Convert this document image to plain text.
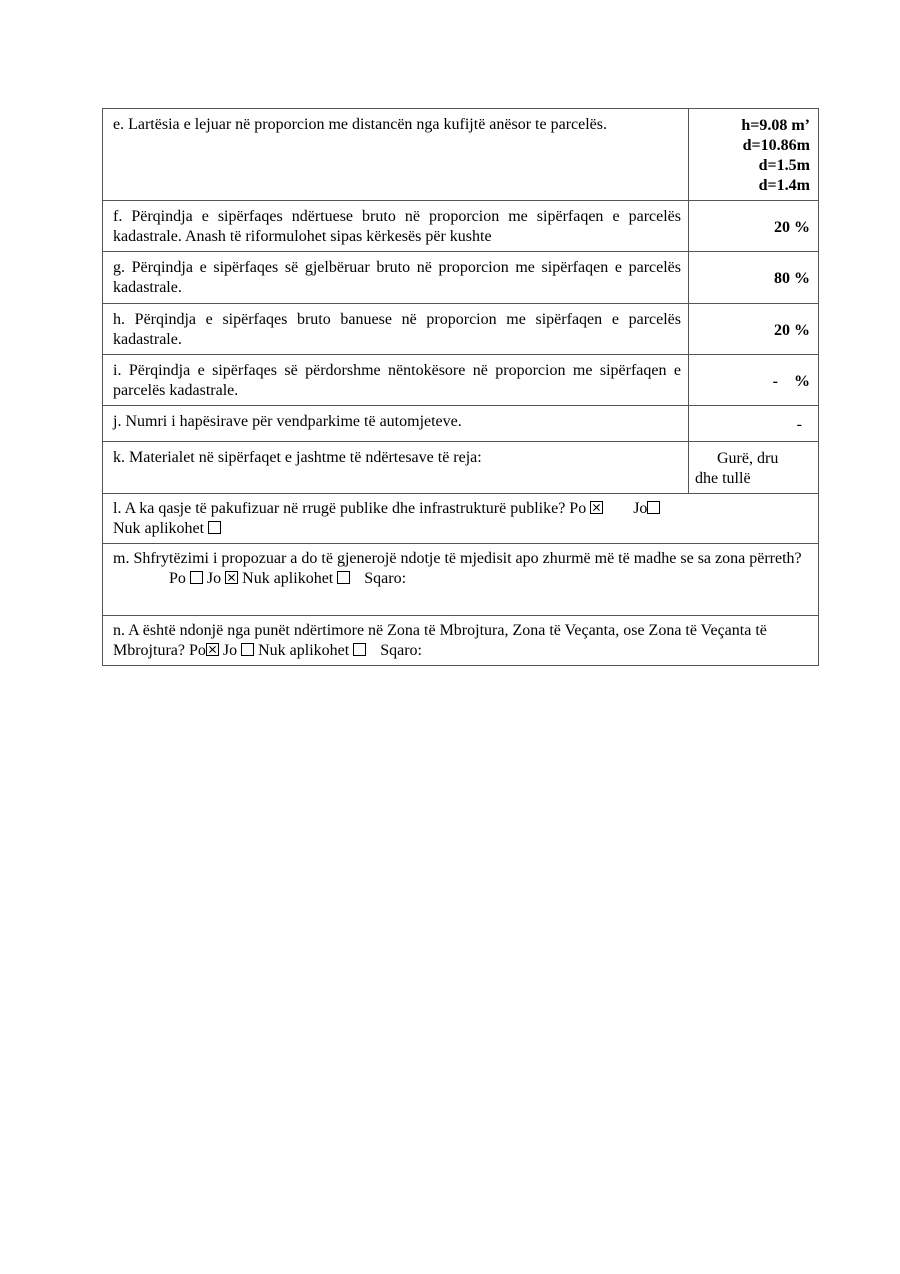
e. Lartësia e lejuar në proporcion me distancën nga kufijtë anësor te parcelës.	h=9.08 m’
d=10.86m
d=1.5m
d=1.4m

f. Përqindja e sipërfaqes ndërtuese bruto në proporcion me sipërfaqen e parcelës kadastrale. Anash të riformulohet sipas kërkesës për kushte	20 %
g. Përqindja e sipërfaqes së gjelbëruar bruto në proporcion me sipërfaqen e parcelës kadastrale.	80 %
h. Përqindja e sipërfaqes bruto banuese në proporcion me sipërfaqen e parcelës kadastrale.	20 %
i. Përqindja e sipërfaqes së përdorshme nëntokësore në proporcion me sipërfaqen e parcelës kadastrale.	-    %
j. Numri i hapësirave për vendparkime të automjeteve.	-
k. Materialet në sipërfaqet e jashtme të ndërtesave të reja:	Gurë, dru
dhe tullë

l. A ka qasje të pakufizuar në rrugë publike dhe infrastrukturë publike? Po Jo
Nuk aplikohet	
m. Shfrytëzimi i propozuar a do të gjenerojë ndotje të mjedisit apo zhurmë më të madhe se sa zona përreth?
Po Jo Nuk aplikohet Sqaro:	

n. A është ndonjë nga punët ndërtimore në Zona të Mbrojtura, Zona të Veçanta, ose Zona të Veçanta të Mbrojtura? Po Jo Nuk aplikohet Sqaro:	
